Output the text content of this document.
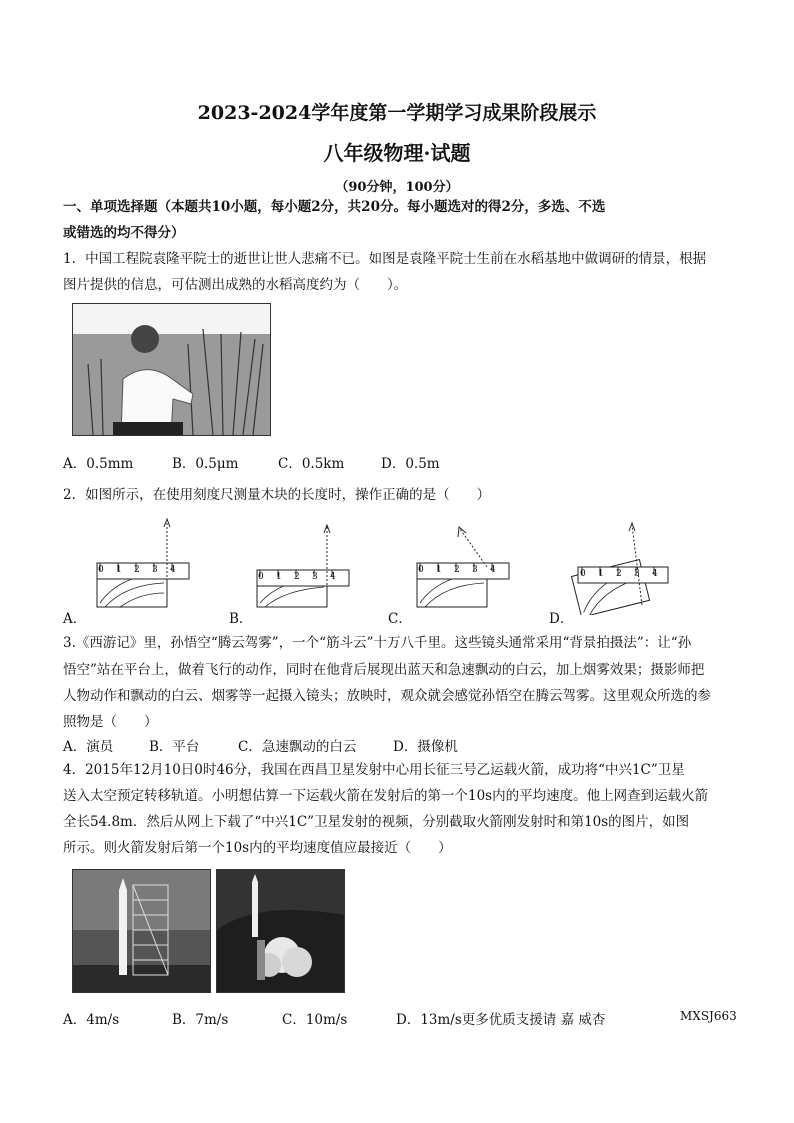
2023-2024学年度第一学期学习成果阶段展示
八年级物理·试题
（90分钟，100分）
一、单项选择题（本题共10小题，每小题2分，共20分。每小题选对的得2分，多选、不选
或错选的均不得分）
1．中国工程院袁隆平院士的逝世让世人悲痛不已。如图是袁隆平院士生前在水稻基地中做调研的情景，根据
图片提供的信息，可估测出成熟的水稻高度约为（　　）。
A．0.5mm	B．0.5μm	C．0.5km	D．0.5m
2．如图所示，在使用刻度尺测量木块的长度时，操作正确的是（　　）
0 1 2 3 4
0 1 2 3 4
0 1 2 3 4	0 1 2 3 4
A．	B．	C．	D．
3.《西游记》里，孙悟空“腾云驾雾”，一个“筋斗云”十万八千里。这些镜头通常采用“背景拍摄法”：让“孙
悟空”站在平台上，做着飞行的动作，同时在他背后展现出蓝天和急速飘动的白云，加上烟雾效果；摄影师把
人物动作和飘动的白云、烟雾等一起摄入镜头；放映时，观众就会感觉孙悟空在腾云驾雾。这里观众所选的参
照物是（　　）
A．演员	B．平台	C．急速飘动的白云	D．摄像机
4．2015年12月10日0时46分，我国在西昌卫星发射中心用长征三号乙运载火箭，成功将“中兴1C”卫星
送入太空预定转移轨道。小明想估算一下运载火箭在发射后的第一个10s内的平均速度。他上网查到运载火箭
全长54.8m．然后从网上下载了“中兴1C”卫星发射的视频，分别截取火箭刚发射时和第10s的图片，如图
所示。则火箭发射后第一个10s内的平均速度值应最接近（　　）
A．4m/s	B．7m/s	C．10m/s	D．13m/s更多优质支援请 嘉 威杏	MXSJ663
